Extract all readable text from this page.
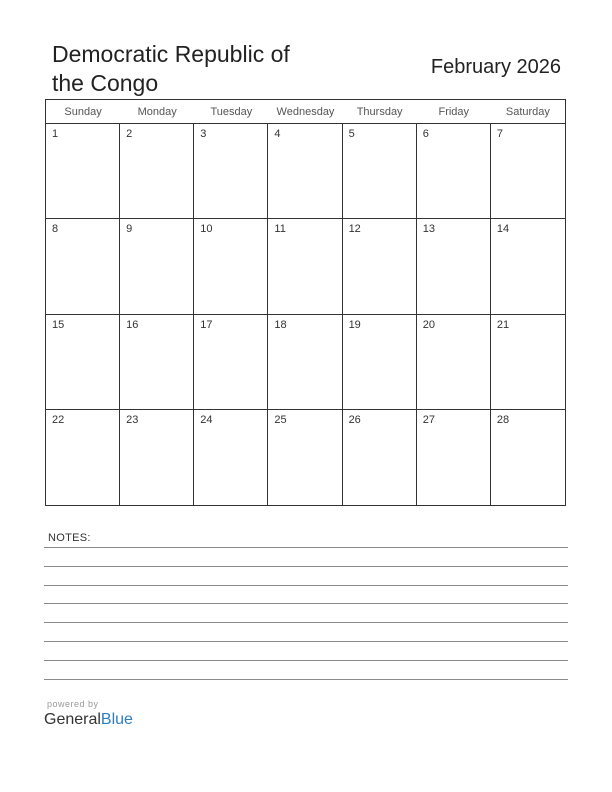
Democratic Republic of
the Congo
February 2026
Sunday	Monday	Tuesday	Wednesday	Thursday	Friday	Saturday
1	2	3	4	5	6	7
8	9	10	11	12	13	14
15	16	17	18	19	20	21
22	23	24	25	26	27	28
NOTES:
powered by
GeneralBlue
